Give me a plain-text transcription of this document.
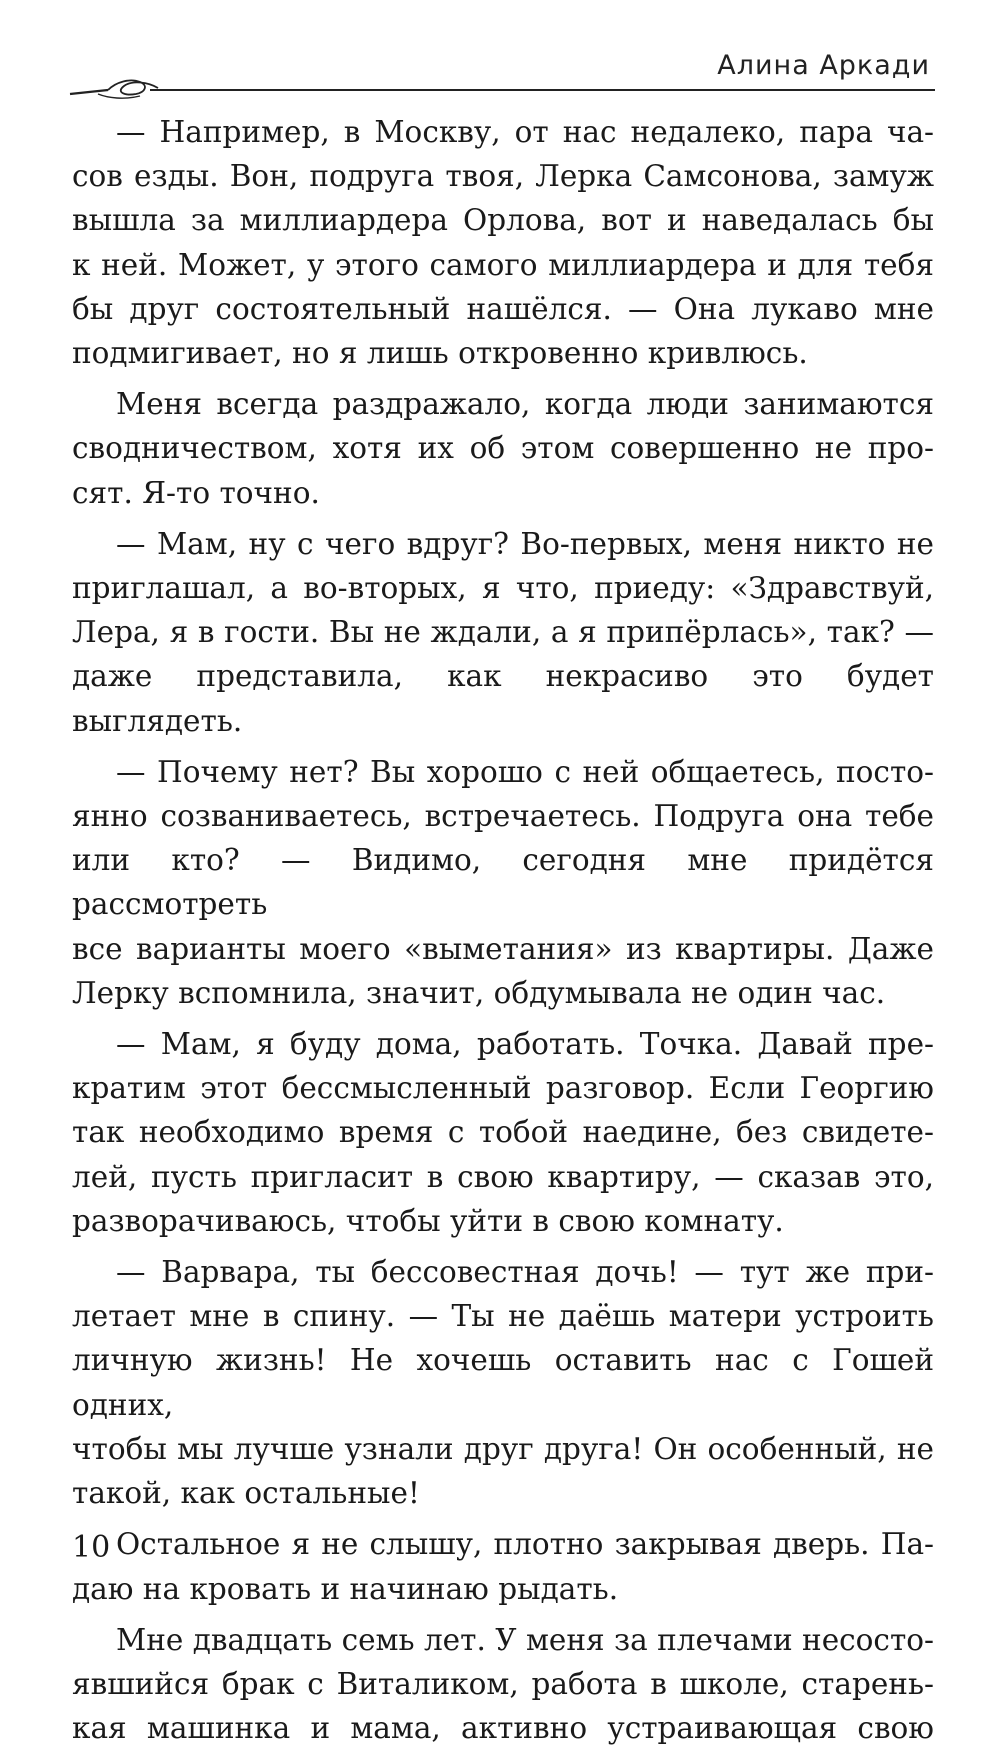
Алина Аркади

— Например, в Москву, от нас недалеко, пара ча-
сов езды. Вон, подруга твоя, Лерка Самсонова, замуж
вышла за миллиардера Орлова, вот и наведалась бы
к ней. Может, у этого самого миллиардера и для тебя
бы друг состоятельный нашёлся. — Она лукаво мне
подмигивает, но я лишь откровенно кривлюсь.

Меня всегда раздражало, когда люди занимаются
сводничеством, хотя их об этом совершенно не про-
сят. Я-то точно.

— Мам, ну с чего вдруг? Во-первых, меня никто не
приглашал, а во-вторых, я что, приеду: «Здравствуй,
Лера, я в гости. Вы не ждали, а я припёрлась», так? —
даже представила, как некрасиво это будет выглядеть.

— Почему нет? Вы хорошо с ней общаетесь, посто-
янно созваниваетесь, встречаетесь. Подруга она тебе
или кто? — Видимо, сегодня мне придётся рассмотреть
все варианты моего «выметания» из квартиры. Даже
Лерку вспомнила, значит, обдумывала не один час.

— Мам, я буду дома, работать. Точка. Давай пре-
кратим этот бессмысленный разговор. Если Георгию
так необходимо время с тобой наедине, без свидете-
лей, пусть пригласит в свою квартиру, — сказав это,
разворачиваюсь, чтобы уйти в свою комнату.

— Варвара, ты бессовестная дочь! — тут же при-
летает мне в спину. — Ты не даёшь матери устроить
личную жизнь! Не хочешь оставить нас с Гошей одних,
чтобы мы лучше узнали друг друга! Он особенный, не
такой, как остальные!

Остальное я не слышу, плотно закрывая дверь. Па-
даю на кровать и начинаю рыдать.

Мне двадцать семь лет. У меня за плечами несосто-
явшийся брак с Виталиком, работа в школе, старень-
кая машинка и мама, активно устраивающая свою

10
